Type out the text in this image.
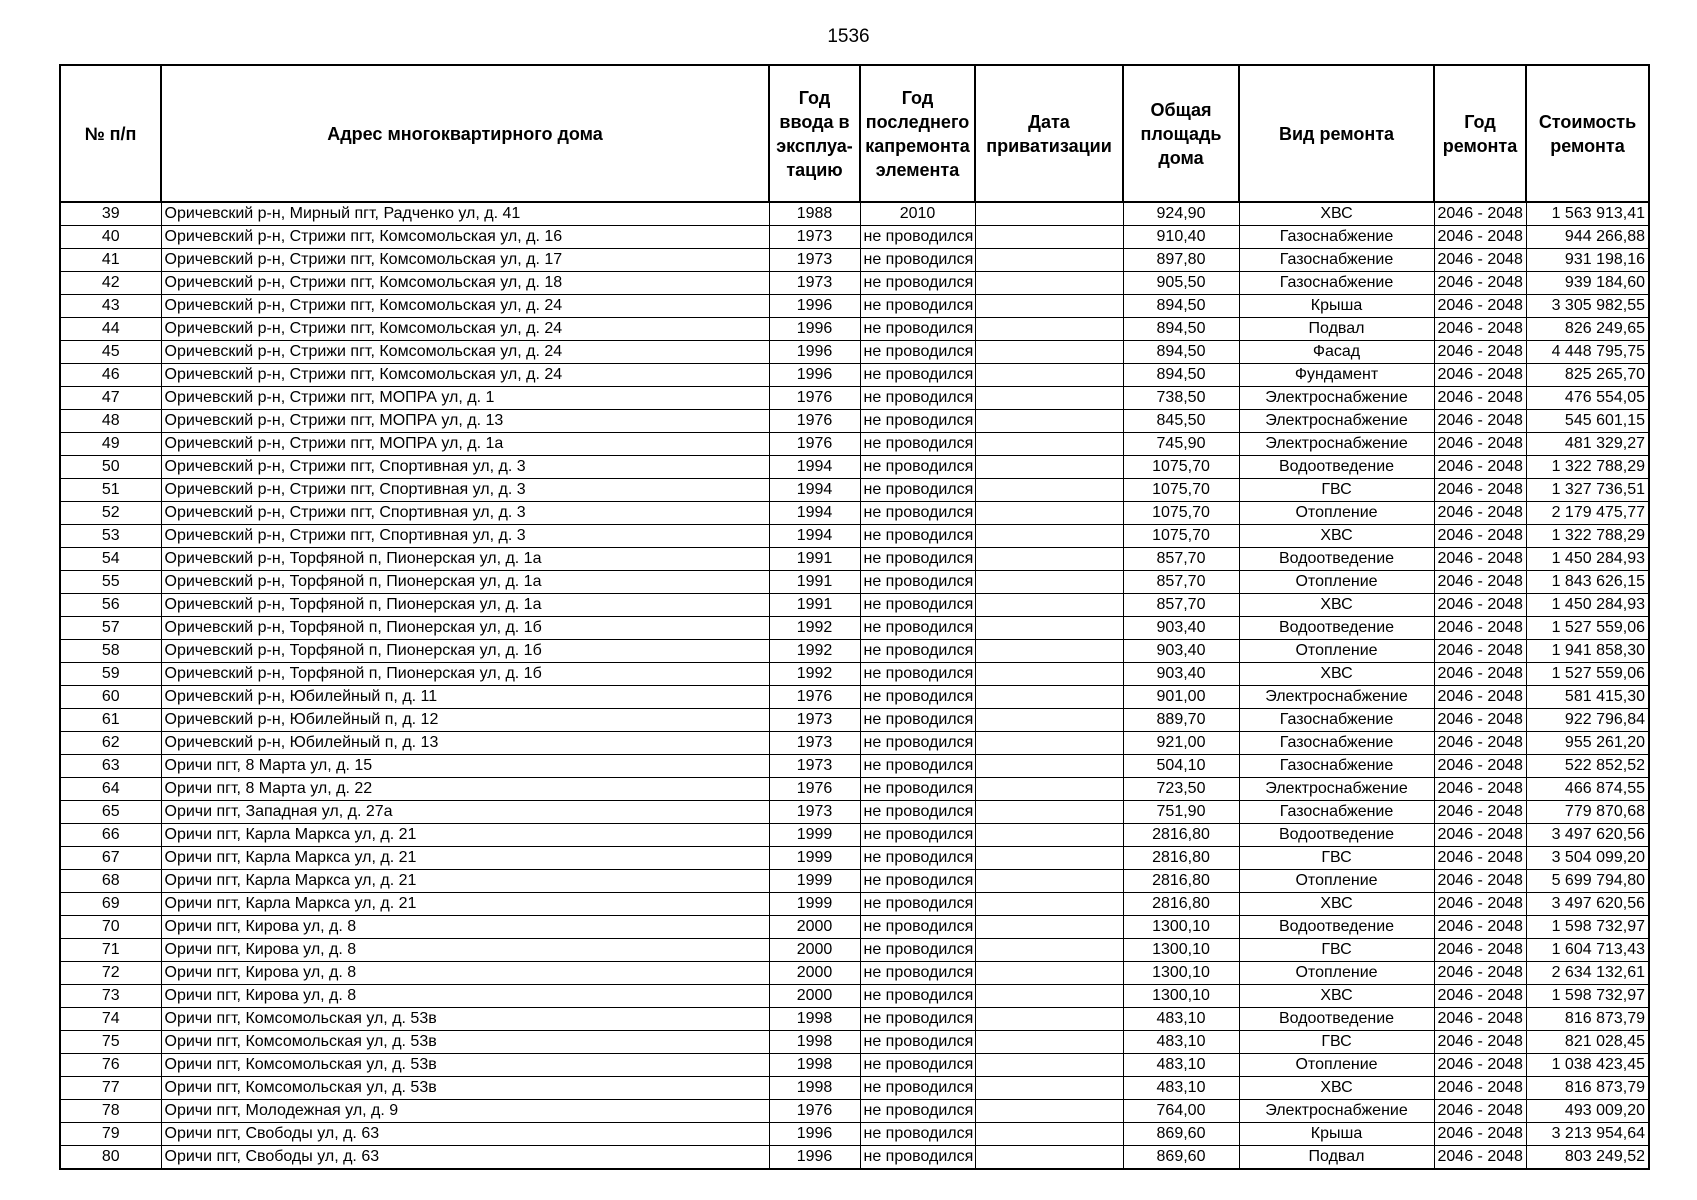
1536
№ п/п	Адрес многоквартирного дома	Год ввода в эксплуа-тацию	Год последнего капремонта элемента	Дата приватизации	Общая площадь дома	Вид ремонта	Год ремонта	Стоимость ремонта
39	Оричевский р-н, Мирный пгт, Радченко ул, д. 41	1988	2010		924,90	ХВС	2046 - 2048	1 563 913,41
40	Оричевский р-н, Стрижи пгт, Комсомольская ул, д. 16	1973	не проводился		910,40	Газоснабжение	2046 - 2048	944 266,88
41	Оричевский р-н, Стрижи пгт, Комсомольская ул, д. 17	1973	не проводился		897,80	Газоснабжение	2046 - 2048	931 198,16
42	Оричевский р-н, Стрижи пгт, Комсомольская ул, д. 18	1973	не проводился		905,50	Газоснабжение	2046 - 2048	939 184,60
43	Оричевский р-н, Стрижи пгт, Комсомольская ул, д. 24	1996	не проводился		894,50	Крыша	2046 - 2048	3 305 982,55
44	Оричевский р-н, Стрижи пгт, Комсомольская ул, д. 24	1996	не проводился		894,50	Подвал	2046 - 2048	826 249,65
45	Оричевский р-н, Стрижи пгт, Комсомольская ул, д. 24	1996	не проводился		894,50	Фасад	2046 - 2048	4 448 795,75
46	Оричевский р-н, Стрижи пгт, Комсомольская ул, д. 24	1996	не проводился		894,50	Фундамент	2046 - 2048	825 265,70
47	Оричевский р-н, Стрижи пгт, МОПРА ул, д. 1	1976	не проводился		738,50	Электроснабжение	2046 - 2048	476 554,05
48	Оричевский р-н, Стрижи пгт, МОПРА ул, д. 13	1976	не проводился		845,50	Электроснабжение	2046 - 2048	545 601,15
49	Оричевский р-н, Стрижи пгт, МОПРА ул, д. 1а	1976	не проводился		745,90	Электроснабжение	2046 - 2048	481 329,27
50	Оричевский р-н, Стрижи пгт, Спортивная ул, д. 3	1994	не проводился		1075,70	Водоотведение	2046 - 2048	1 322 788,29
51	Оричевский р-н, Стрижи пгт, Спортивная ул, д. 3	1994	не проводился		1075,70	ГВС	2046 - 2048	1 327 736,51
52	Оричевский р-н, Стрижи пгт, Спортивная ул, д. 3	1994	не проводился		1075,70	Отопление	2046 - 2048	2 179 475,77
53	Оричевский р-н, Стрижи пгт, Спортивная ул, д. 3	1994	не проводился		1075,70	ХВС	2046 - 2048	1 322 788,29
54	Оричевский р-н, Торфяной п, Пионерская ул, д. 1а	1991	не проводился		857,70	Водоотведение	2046 - 2048	1 450 284,93
55	Оричевский р-н, Торфяной п, Пионерская ул, д. 1а	1991	не проводился		857,70	Отопление	2046 - 2048	1 843 626,15
56	Оричевский р-н, Торфяной п, Пионерская ул, д. 1а	1991	не проводился		857,70	ХВС	2046 - 2048	1 450 284,93
57	Оричевский р-н, Торфяной п, Пионерская ул, д. 1б	1992	не проводился		903,40	Водоотведение	2046 - 2048	1 527 559,06
58	Оричевский р-н, Торфяной п, Пионерская ул, д. 1б	1992	не проводился		903,40	Отопление	2046 - 2048	1 941 858,30
59	Оричевский р-н, Торфяной п, Пионерская ул, д. 1б	1992	не проводился		903,40	ХВС	2046 - 2048	1 527 559,06
60	Оричевский р-н, Юбилейный п, д. 11	1976	не проводился		901,00	Электроснабжение	2046 - 2048	581 415,30
61	Оричевский р-н, Юбилейный п, д. 12	1973	не проводился		889,70	Газоснабжение	2046 - 2048	922 796,84
62	Оричевский р-н, Юбилейный п, д. 13	1973	не проводился		921,00	Газоснабжение	2046 - 2048	955 261,20
63	Оричи пгт, 8 Марта ул, д. 15	1973	не проводился		504,10	Газоснабжение	2046 - 2048	522 852,52
64	Оричи пгт, 8 Марта ул, д. 22	1976	не проводился		723,50	Электроснабжение	2046 - 2048	466 874,55
65	Оричи пгт, Западная ул, д. 27а	1973	не проводился		751,90	Газоснабжение	2046 - 2048	779 870,68
66	Оричи пгт, Карла Маркса ул, д. 21	1999	не проводился		2816,80	Водоотведение	2046 - 2048	3 497 620,56
67	Оричи пгт, Карла Маркса ул, д. 21	1999	не проводился		2816,80	ГВС	2046 - 2048	3 504 099,20
68	Оричи пгт, Карла Маркса ул, д. 21	1999	не проводился		2816,80	Отопление	2046 - 2048	5 699 794,80
69	Оричи пгт, Карла Маркса ул, д. 21	1999	не проводился		2816,80	ХВС	2046 - 2048	3 497 620,56
70	Оричи пгт, Кирова ул, д. 8	2000	не проводился		1300,10	Водоотведение	2046 - 2048	1 598 732,97
71	Оричи пгт, Кирова ул, д. 8	2000	не проводился		1300,10	ГВС	2046 - 2048	1 604 713,43
72	Оричи пгт, Кирова ул, д. 8	2000	не проводился		1300,10	Отопление	2046 - 2048	2 634 132,61
73	Оричи пгт, Кирова ул, д. 8	2000	не проводился		1300,10	ХВС	2046 - 2048	1 598 732,97
74	Оричи пгт, Комсомольская ул, д. 53в	1998	не проводился		483,10	Водоотведение	2046 - 2048	816 873,79
75	Оричи пгт, Комсомольская ул, д. 53в	1998	не проводился		483,10	ГВС	2046 - 2048	821 028,45
76	Оричи пгт, Комсомольская ул, д. 53в	1998	не проводился		483,10	Отопление	2046 - 2048	1 038 423,45
77	Оричи пгт, Комсомольская ул, д. 53в	1998	не проводился		483,10	ХВС	2046 - 2048	816 873,79
78	Оричи пгт, Молодежная ул, д. 9	1976	не проводился		764,00	Электроснабжение	2046 - 2048	493 009,20
79	Оричи пгт, Свободы ул, д. 63	1996	не проводился		869,60	Крыша	2046 - 2048	3 213 954,64
80	Оричи пгт, Свободы ул, д. 63	1996	не проводился		869,60	Подвал	2046 - 2048	803 249,52
